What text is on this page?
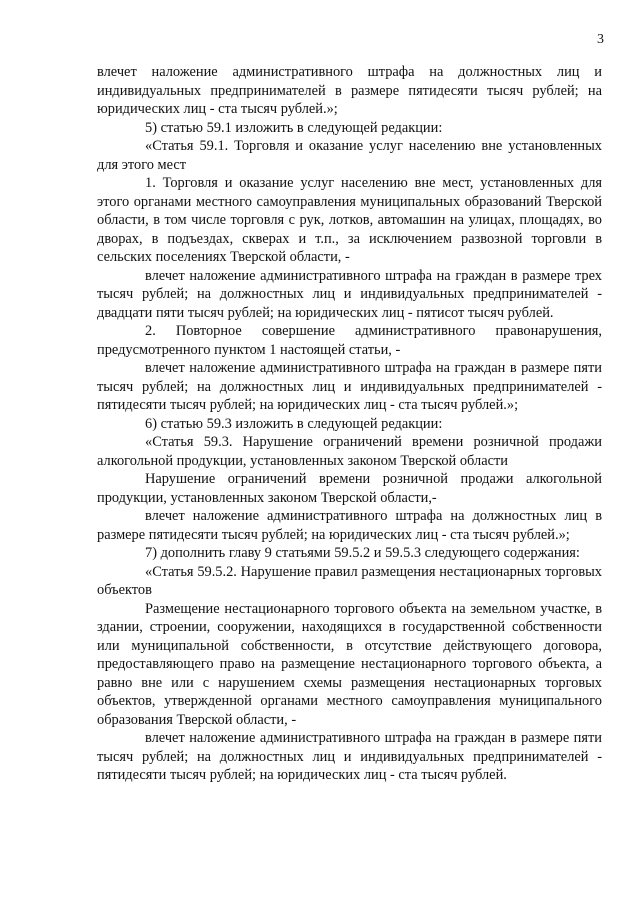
3

влечет наложение административного штрафа на должностных лиц и индивидуальных предпринимателей в размере пятидесяти тысяч рублей; на юридических лиц - ста тысяч рублей.»;

5) статью 59.1 изложить в следующей редакции:

«Статья 59.1. Торговля и оказание услуг населению вне установленных для этого мест

1. Торговля и оказание услуг населению вне мест, установленных для этого органами местного самоуправления муниципальных образований Тверской области, в том числе торговля с рук, лотков, автомашин на улицах, площадях, во дворах, в подъездах, скверах и т.п., за исключением развозной торговли в сельских поселениях Тверской области, -

влечет наложение административного штрафа на граждан в размере трех тысяч рублей; на должностных лиц и индивидуальных предпринимателей - двадцати пяти тысяч рублей; на юридических лиц - пятисот тысяч рублей.

2. Повторное совершение административного правонарушения, предусмотренного пунктом 1 настоящей статьи, -

влечет наложение административного штрафа на граждан в размере пяти тысяч рублей; на должностных лиц и индивидуальных предпринимателей - пятидесяти тысяч рублей; на юридических лиц - ста тысяч рублей.»;

6) статью 59.3 изложить в следующей редакции:

«Статья 59.3. Нарушение ограничений времени розничной продажи алкогольной продукции, установленных законом Тверской области

Нарушение ограничений времени розничной продажи алкогольной продукции, установленных законом Тверской области,-

влечет наложение административного штрафа на должностных лиц в размере пятидесяти тысяч рублей; на юридических лиц - ста тысяч рублей.»;

7) дополнить главу 9 статьями 59.5.2 и 59.5.3 следующего содержания:

«Статья 59.5.2. Нарушение правил размещения нестационарных торговых объектов

Размещение нестационарного торгового объекта на земельном участке, в здании, строении, сооружении, находящихся в государственной собственности или муниципальной собственности, в отсутствие действующего договора, предоставляющего право на размещение нестационарного торгового объекта, а равно вне или с нарушением схемы размещения нестационарных торговых объектов, утвержденной органами местного самоуправления муниципального образования Тверской области, -

влечет наложение административного штрафа на граждан в размере пяти тысяч рублей; на должностных лиц и индивидуальных предпринимателей - пятидесяти тысяч рублей; на юридических лиц - ста тысяч рублей.
